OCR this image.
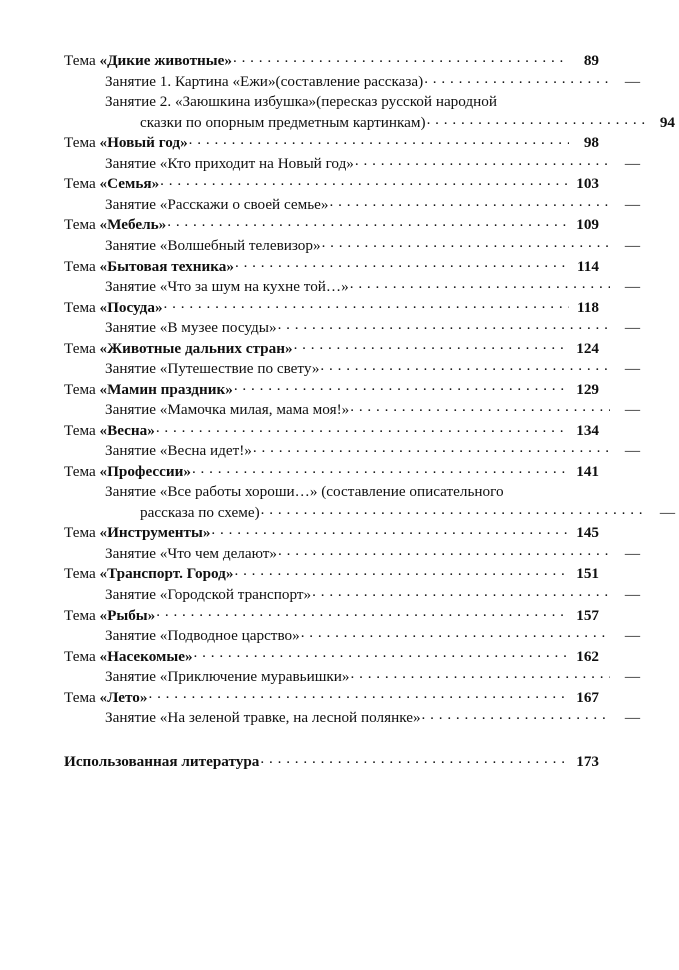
Тема «Дикие животные» . . .	89
Занятие 1. Картина «Ежи»(составление рассказа) . . .	—
Занятие 2. «Заюшкина избушка»(пересказ русской народной
сказки по опорным предметным картинкам) . . .	94
Тема «Новый год» . . .	98
Занятие «Кто приходит на Новый год» . . .	—
Тема «Семья» . . .	103
Занятие «Расскажи о своей семье» . . .	—
Тема «Мебель» . . .	109
Занятие «Волшебный телевизор» . . .	—
Тема «Бытовая техника» . . .	114
Занятие «Что за шум на кухне той…» . . .	—
Тема «Посуда» . . .	118
Занятие «В музее посуды» . . .	—
Тема «Животные дальних стран» . . .	124
Занятие «Путешествие по свету» . . .	—
Тема «Мамин праздник» . . .	129
Занятие «Мамочка милая, мама моя!» . . .	—
Тема «Весна» . . .	134
Занятие «Весна идет!» . . .	—
Тема «Профессии» . . .	141
Занятие «Все работы хороши…» (составление описательного
рассказа по схеме) . . .	—
Тема «Инструменты» . . .	145
Занятие «Что чем делают» . . .	—
Тема «Транспорт. Город» . . .	151
Занятие «Городской транспорт» . . .	—
Тема «Рыбы» . . .	157
Занятие «Подводное царство» . . .	—
Тема «Насекомые» . . .	162
Занятие «Приключение муравьишки» . . .	—
Тема «Лето» . . .	167
Занятие «На зеленой травке, на лесной полянке» . . .	—
Использованная литература . . .	173
